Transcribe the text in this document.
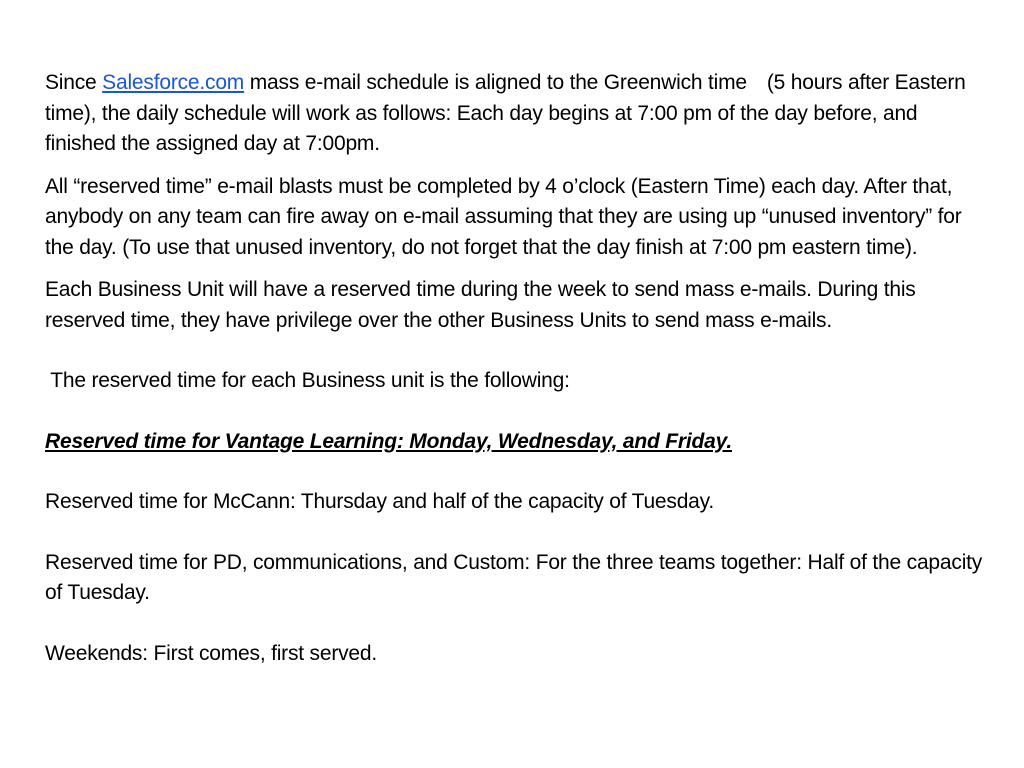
Since Salesforce.com mass e-mail schedule is aligned to the Greenwich time (5 hours after Eastern time), the daily schedule will work as follows: Each day begins at 7:00 pm of the day before, and finished the assigned day at 7:00pm.

All “reserved time” e-mail blasts must be completed by 4 o’clock (Eastern Time) each day. After that, anybody on any team can fire away on e-mail assuming that they are using up “unused inventory” for the day. (To use that unused inventory, do not forget that the day finish at 7:00 pm eastern time).

Each Business Unit will have a reserved time during the week to send mass e-mails. During this reserved time, they have privilege over the other Business Units to send mass e-mails.

The reserved time for each Business unit is the following:

Reserved time for Vantage Learning: Monday, Wednesday, and Friday.

Reserved time for McCann: Thursday and half of the capacity of Tuesday.

Reserved time for PD, communications, and Custom: For the three teams together: Half of the capacity of Tuesday.

Weekends: First comes, first served.
